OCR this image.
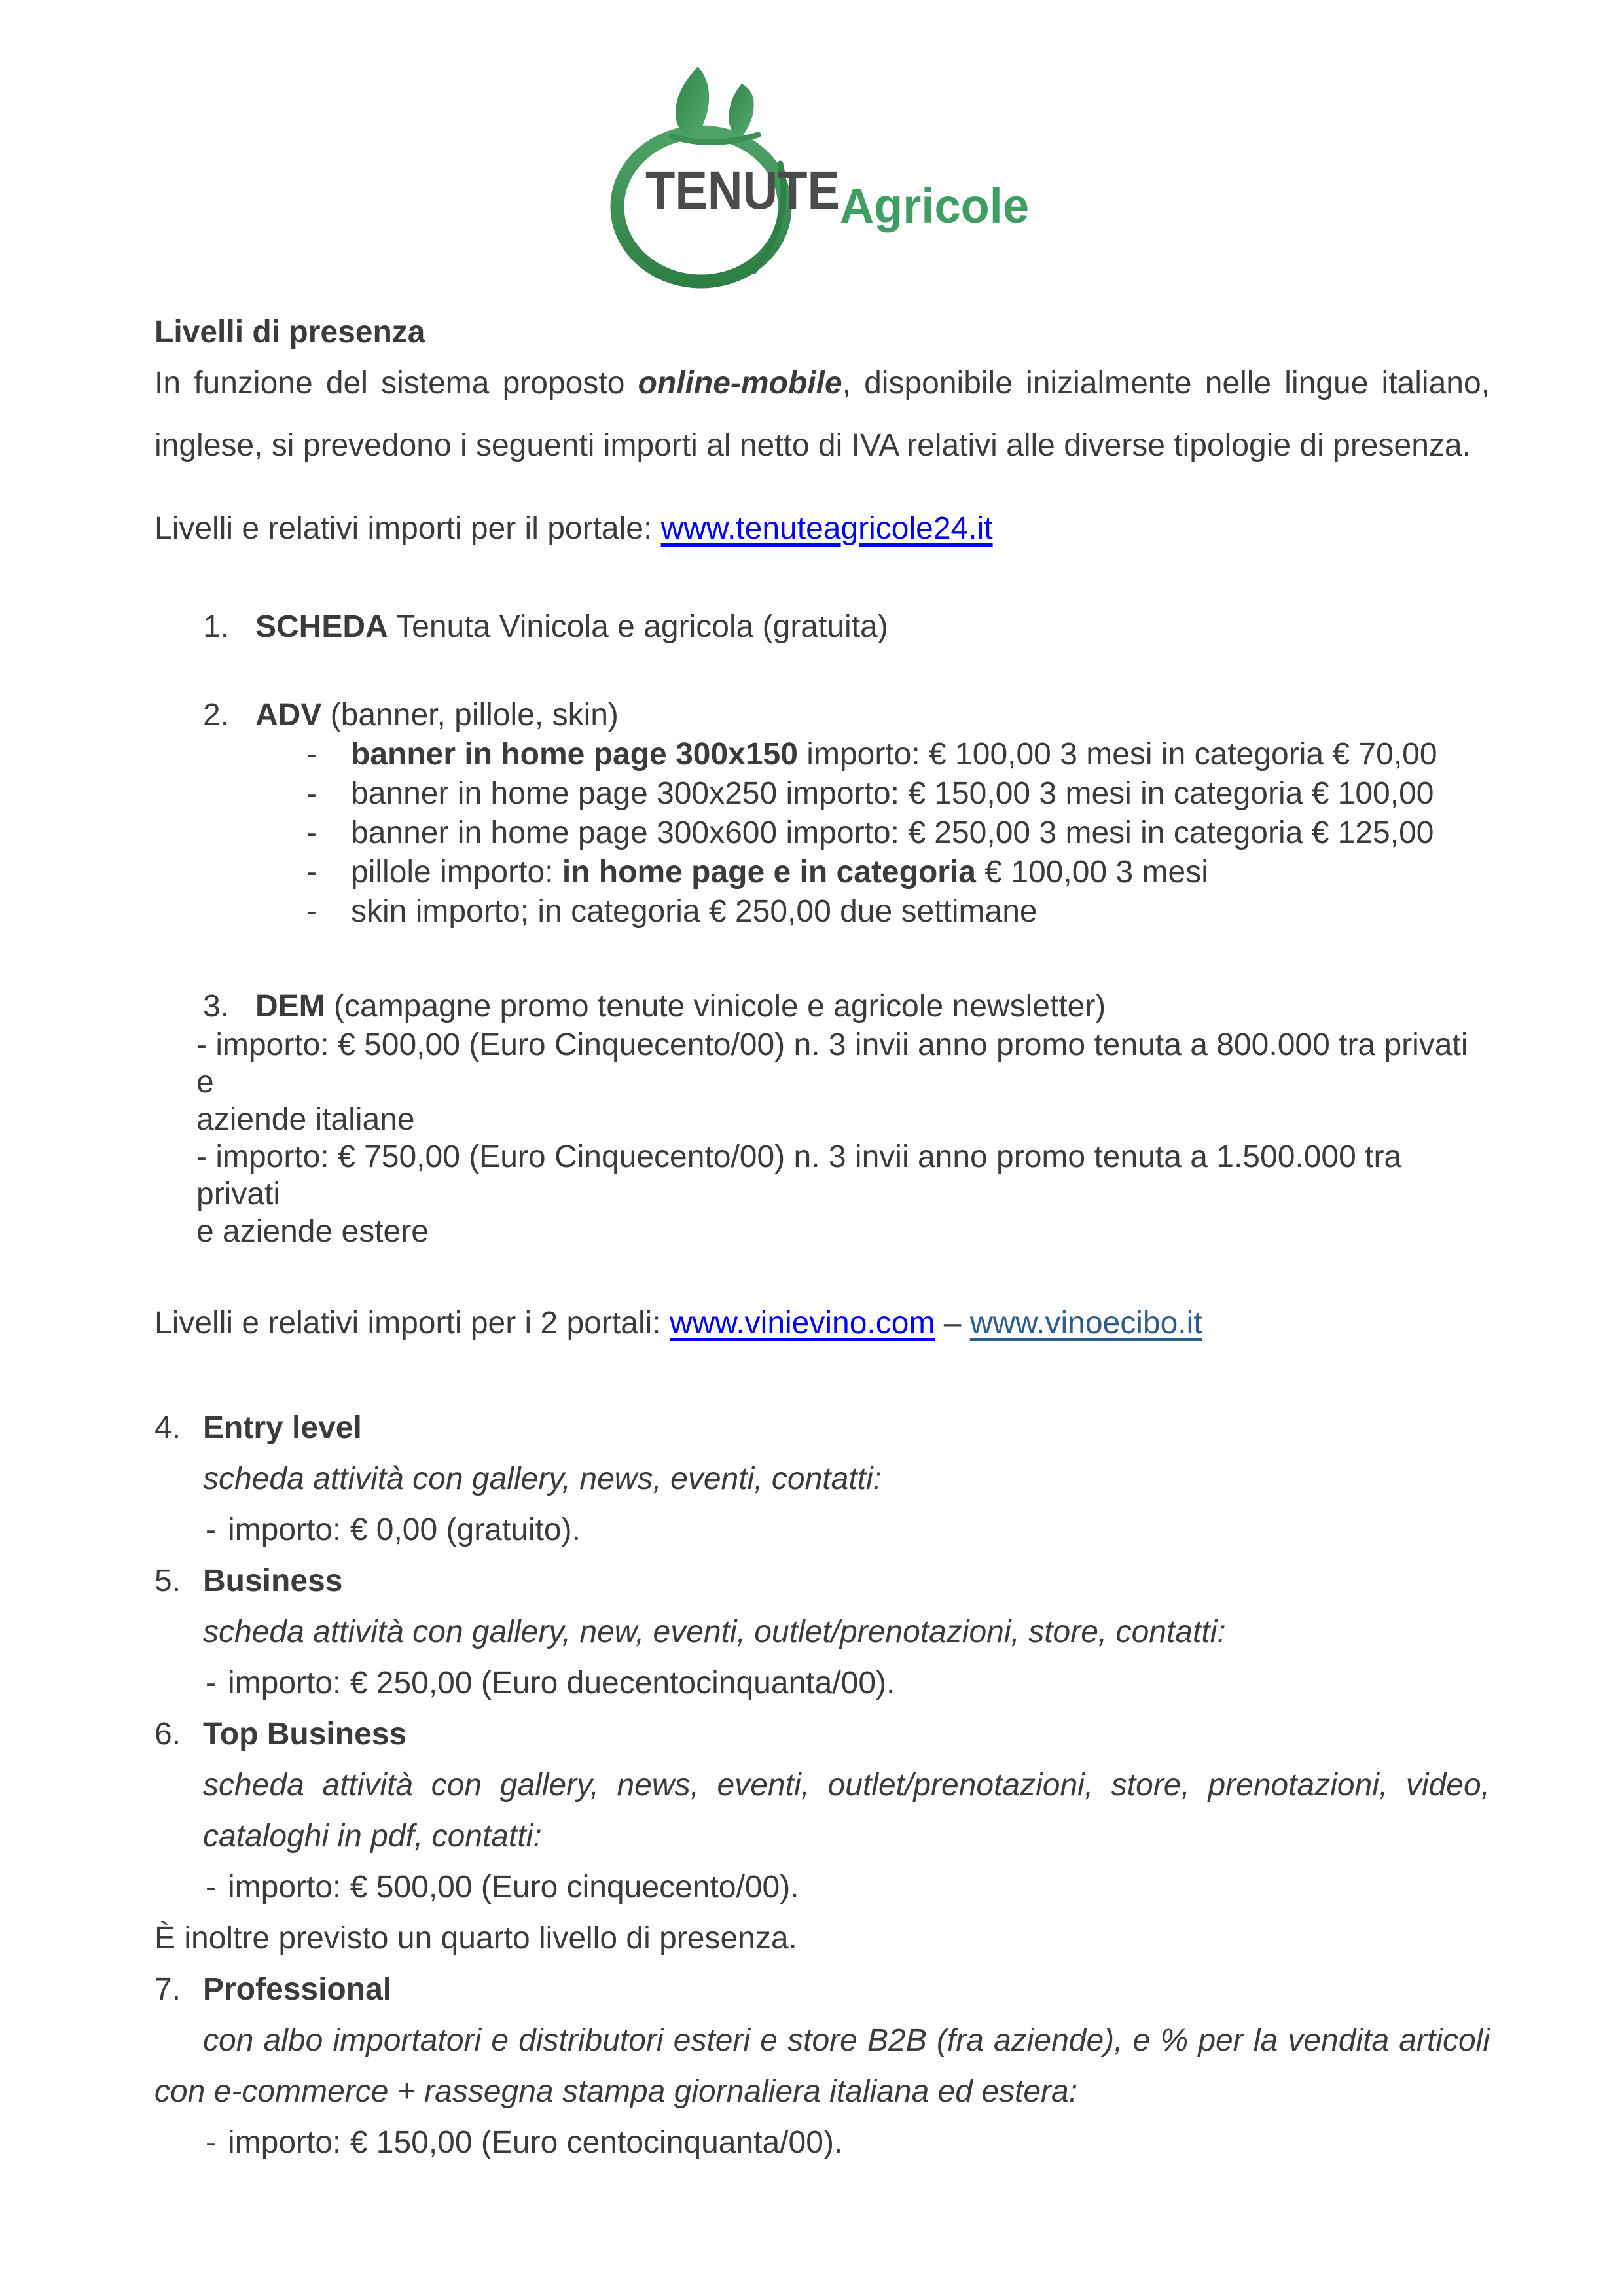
TENUTE Agricole

Livelli di presenza

In funzione del sistema proposto online-mobile, disponibile inizialmente nelle lingue italiano,

inglese, si prevedono i seguenti importi al netto di IVA relativi alle diverse tipologie di presenza.

Livelli e relativi importi per il portale: www.tenuteagricole24.it

1. SCHEDA Tenuta Vinicola e agricola (gratuita)

2. ADV (banner, pillole, skin)

- banner in home page 300x150 importo: € 100,00 3 mesi in categoria € 70,00

- banner in home page 300x250 importo: € 150,00 3 mesi in categoria € 100,00

- banner in home page 300x600 importo: € 250,00 3 mesi in categoria € 125,00

- pillole importo: in home page e in categoria € 100,00 3 mesi

- skin importo; in categoria € 250,00 due settimane

3. DEM (campagne promo tenute vinicole e agricole newsletter)

- importo: € 500,00 (Euro Cinquecento/00) n. 3 invii anno promo tenuta a 800.000 tra privati e

aziende italiane

- importo: € 750,00 (Euro Cinquecento/00) n. 3 invii anno promo tenuta a 1.500.000 tra privati

e aziende estere

Livelli e relativi importi per i 2 portali: www.vinievino.com – www.vinoecibo.it

4. Entry level

scheda attività con gallery, news, eventi, contatti:

- importo: € 0,00 (gratuito).

5. Business

scheda attività con gallery, new, eventi, outlet/prenotazioni, store, contatti:

- importo: € 250,00 (Euro duecentocinquanta/00).

6. Top Business

scheda attività con gallery, news, eventi, outlet/prenotazioni, store, prenotazioni, video,

cataloghi in pdf, contatti:

- importo: € 500,00 (Euro cinquecento/00).

È inoltre previsto un quarto livello di presenza.

7. Professional

con albo importatori e distributori esteri e store B2B (fra aziende), e % per la vendita articoli

con e-commerce + rassegna stampa giornaliera italiana ed estera:

- importo: € 150,00 (Euro centocinquanta/00).
